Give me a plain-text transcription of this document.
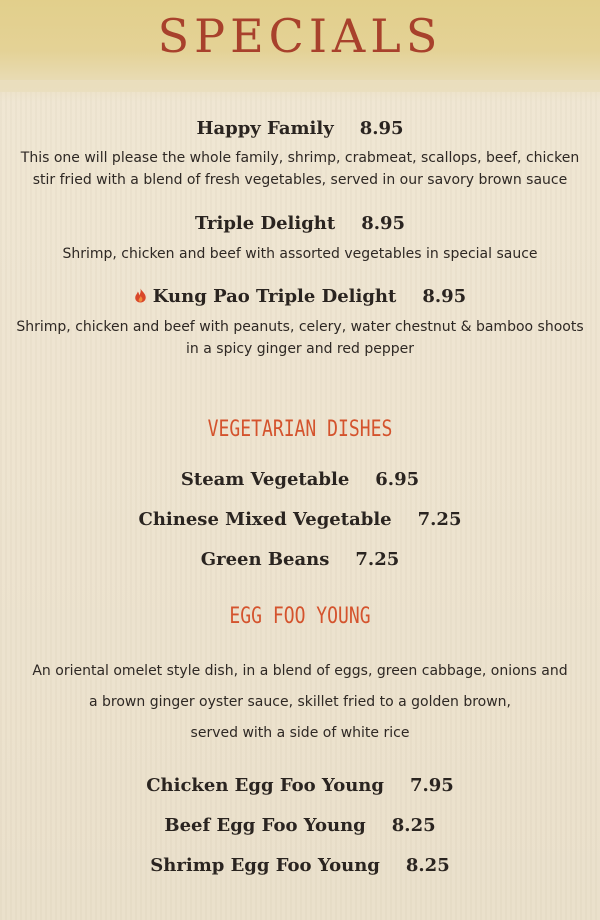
SPECIALS
Happy Family 8.95
This one will please the whole family, shrimp, crabmeat, scallops, beef, chicken
stir fried with a blend of fresh vegetables, served in our savory brown sauce
Triple Delight 8.95
Shrimp, chicken and beef with assorted vegetables in special sauce
Kung Pao Triple Delight 8.95
Shrimp, chicken and beef with peanuts, celery, water chestnut & bamboo shoots
in a spicy ginger and red pepper
VEGETARIAN DISHES
Steam Vegetable 6.95
Chinese Mixed Vegetable 7.25
Green Beans 7.25
EGG FOO YOUNG
An oriental omelet style dish, in a blend of eggs, green cabbage, onions and
a brown ginger oyster sauce, skillet fried to a golden brown,
served with a side of white rice
Chicken Egg Foo Young 7.95
Beef Egg Foo Young 8.25
Shrimp Egg Foo Young 8.25
